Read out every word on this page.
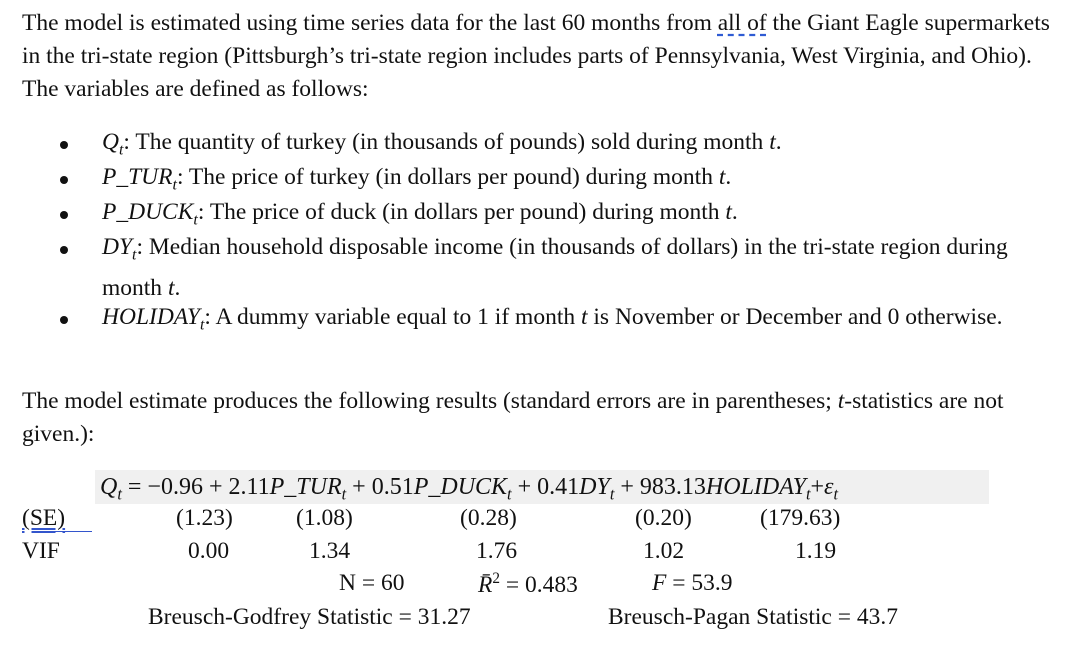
The model is estimated using time series data for the last 60 months from all of the Giant Eagle supermarkets in the tri-state region (Pittsburgh’s tri-state region includes parts of Pennsylvania, West Virginia, and Ohio). The variables are defined as follows:
$Q_t$: The quantity of turkey (in thousands of pounds) sold during month t.
$P\_TUR_t$: The price of turkey (in dollars per pound) during month t.
$P\_DUCK_t$: The price of duck (in dollars per pound) during month t.
$DY_t$: Median household disposable income (in thousands of dollars) in the tri-state region during month t.
$HOLIDAY_t$: A dummy variable equal to 1 if month t is November or December and 0 otherwise.
The model estimate produces the following results (standard errors are in parentheses; t-statistics are not given.):
$Q_t = -0.96$ + $2.11P\_TUR_t$ + $0.51P\_DUCK_t + 0.41DY_t$ + $983.13HOLIDAY_t+\varepsilon_t$
(SE)	(1.23)	(1.08)	(0.28)	(0.20)	(179.63)
VIF	0.00	1.34	1.76	1.02	1.19
N = 60	R̄$^2$ = 0.483	F = 53.9
Breusch-Godfrey Statistic = 31.27	Breusch-Pagan Statistic = 43.7
